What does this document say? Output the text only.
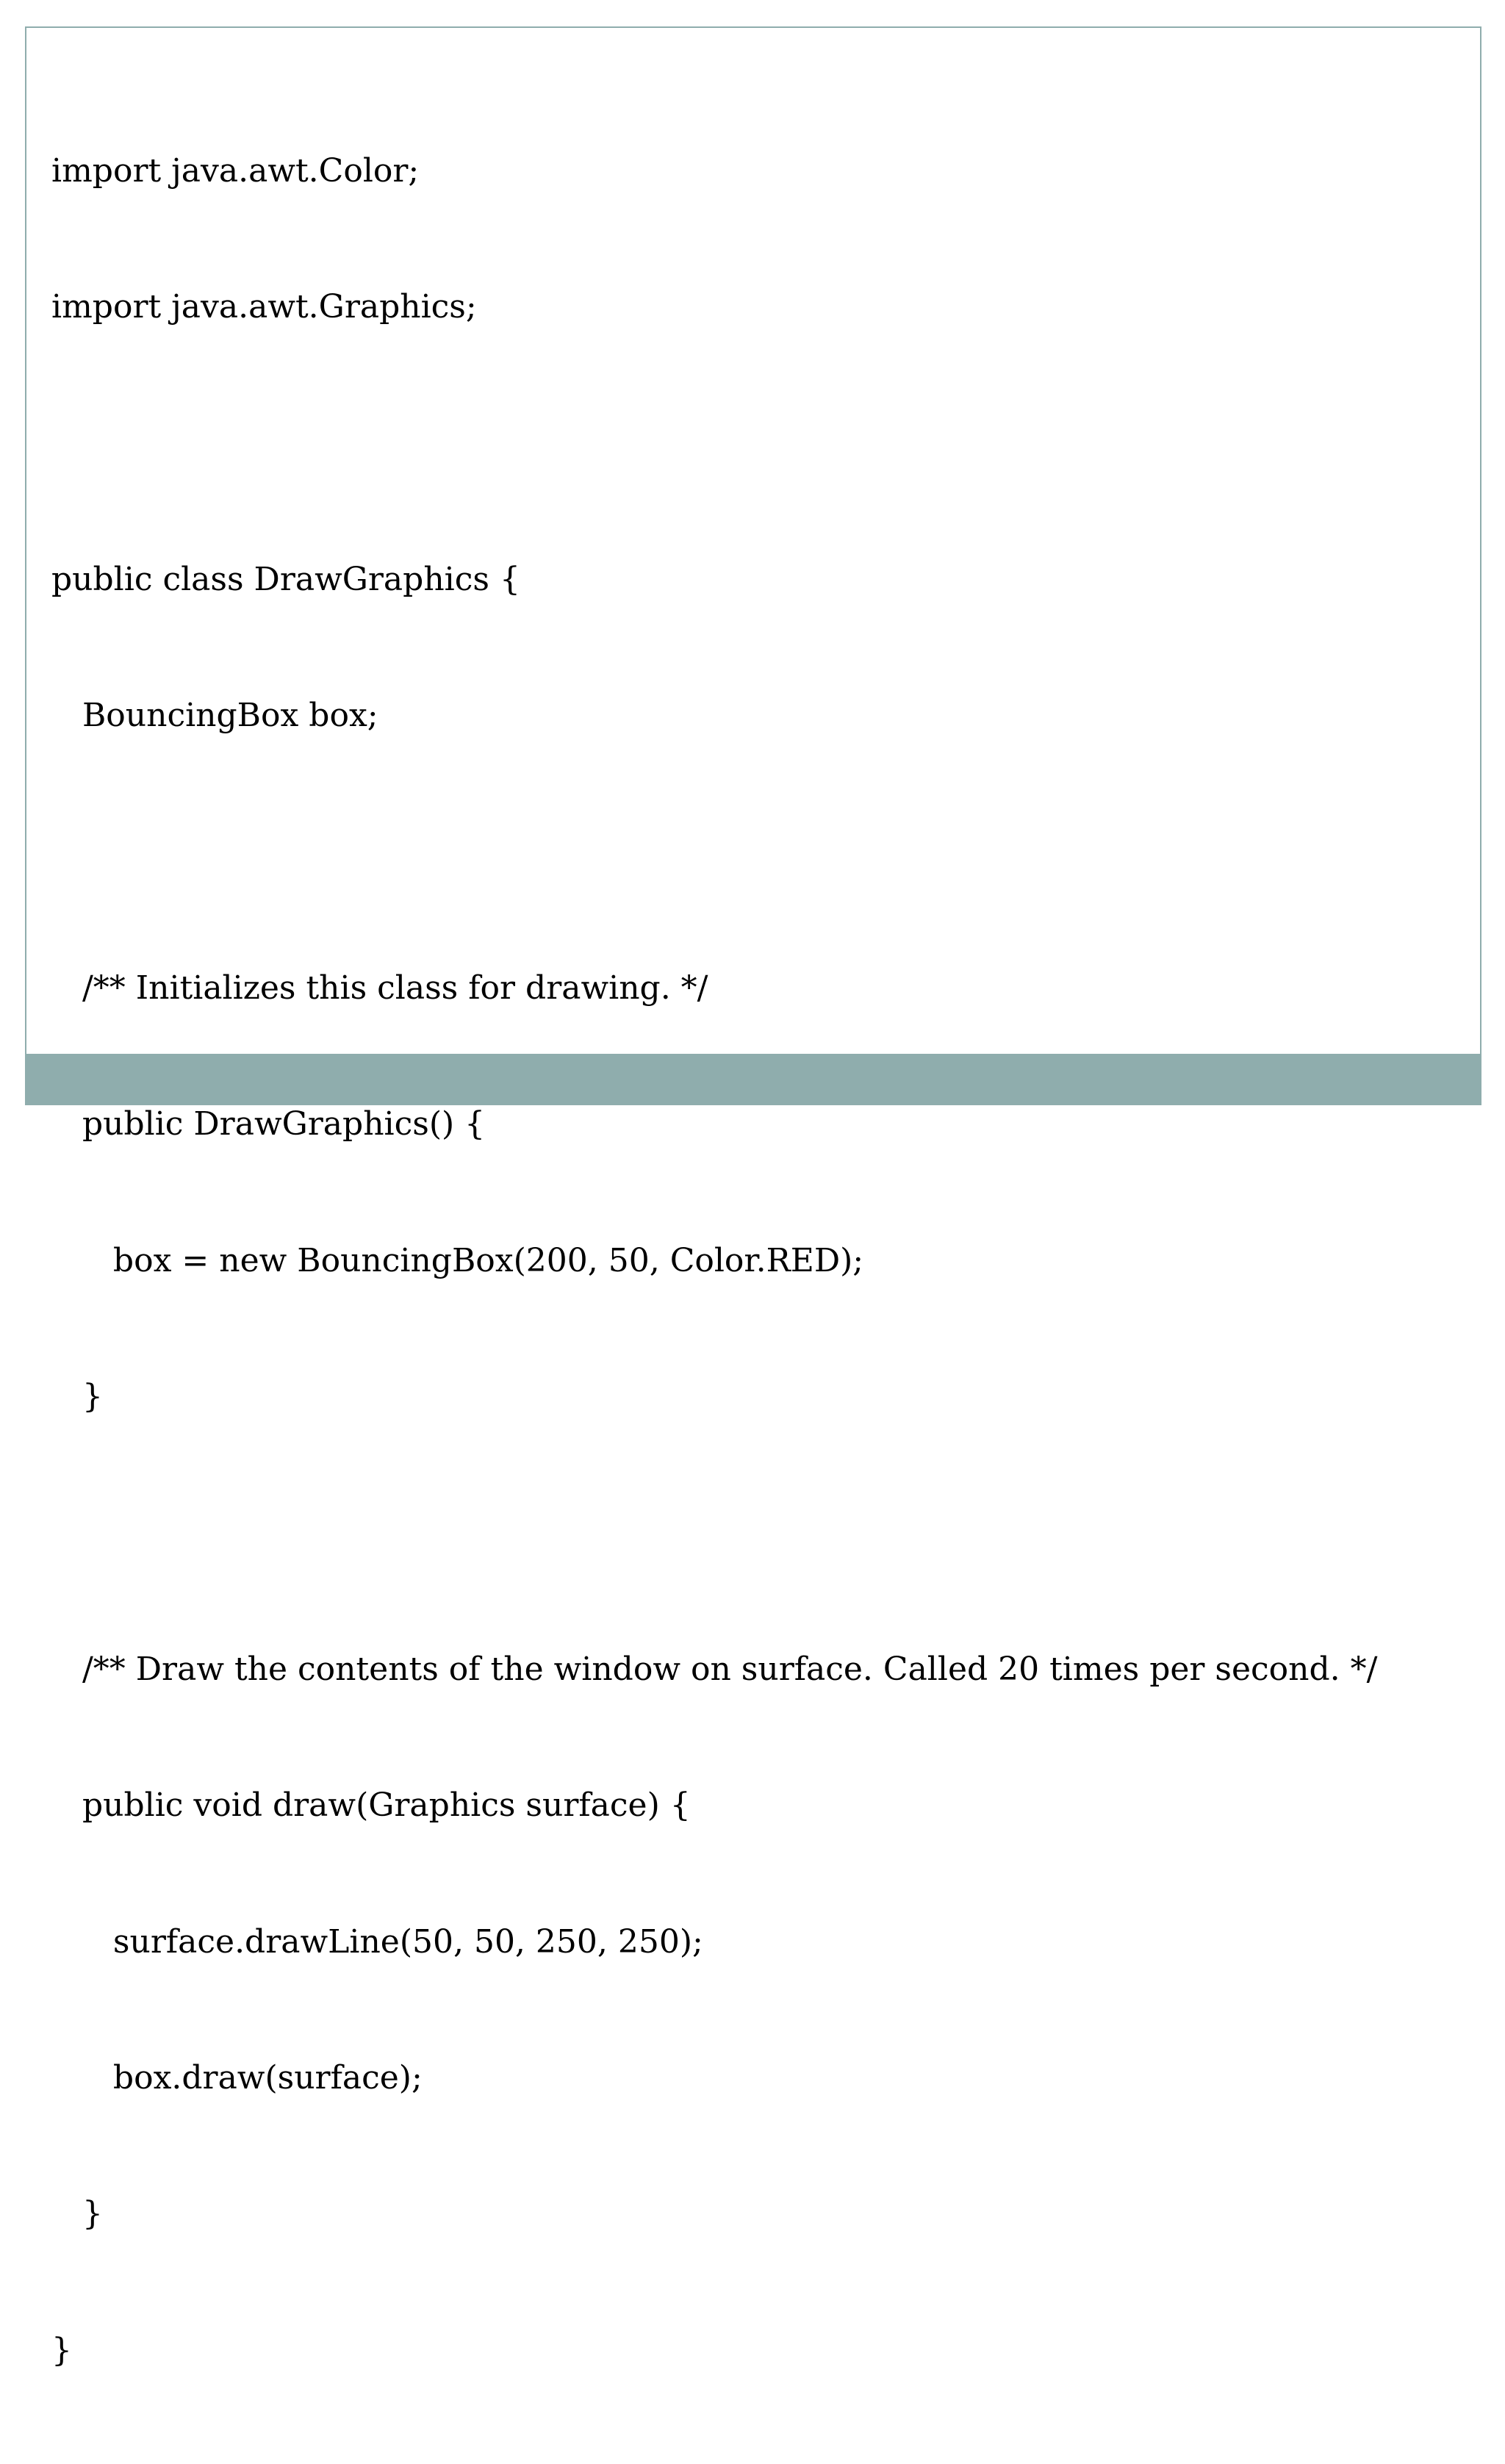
import java.awt.Color;

import java.awt.Graphics;

public class DrawGraphics {

BouncingBox box;

/** Initializes this class for drawing. */

public DrawGraphics() {

box = new BouncingBox(200, 50, Color.RED);

}

/** Draw the contents of the window on surface. Called 20 times per second. */

public void draw(Graphics surface) {

surface.drawLine(50, 50, 250, 250);

box.draw(surface);

}

}
